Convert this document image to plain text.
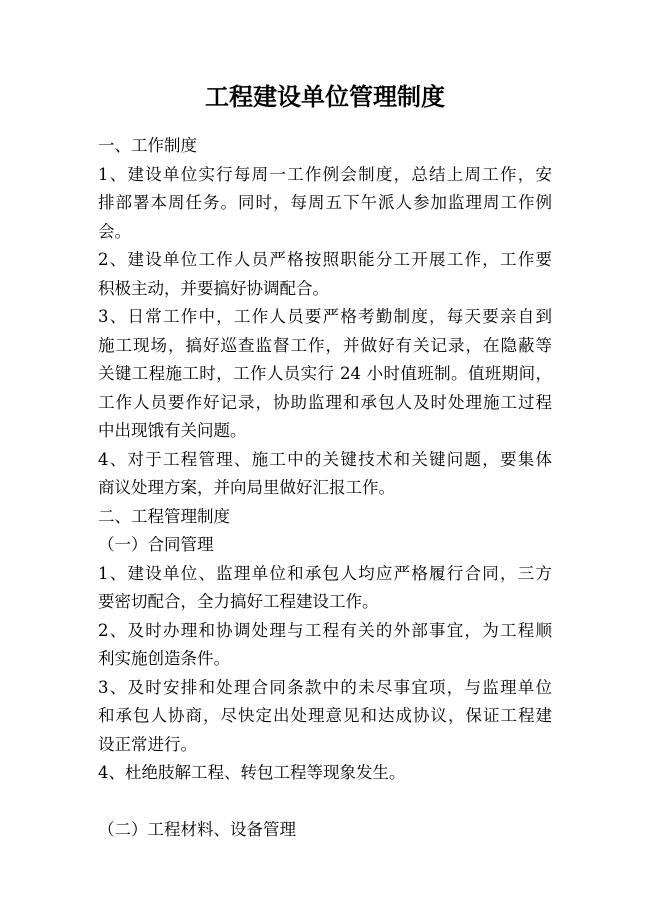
工程建设单位管理制度

一、工作制度

1、建设单位实行每周一工作例会制度，总结上周工作，安

排部署本周任务。同时，每周五下午派人参加监理周工作例

会。

2、建设单位工作人员严格按照职能分工开展工作，工作要

积极主动，并要搞好协调配合。

3、日常工作中，工作人员要严格考勤制度，每天要亲自到

施工现场，搞好巡查监督工作，并做好有关记录，在隐蔽等

关键工程施工时，工作人员实行 24 小时值班制。值班期间，

工作人员要作好记录，协助监理和承包人及时处理施工过程

中出现饿有关问题。

4、对于工程管理、施工中的关键技术和关键问题，要集体

商议处理方案，并向局里做好汇报工作。

二、工程管理制度

（一）合同管理

1、建设单位、监理单位和承包人均应严格履行合同，三方

要密切配合，全力搞好工程建设工作。

2、及时办理和协调处理与工程有关的外部事宜，为工程顺

利实施创造条件。

3、及时安排和处理合同条款中的未尽事宜项，与监理单位

和承包人协商，尽快定出处理意见和达成协议，保证工程建

设正常进行。

4、杜绝肢解工程、转包工程等现象发生。

（二）工程材料、设备管理
